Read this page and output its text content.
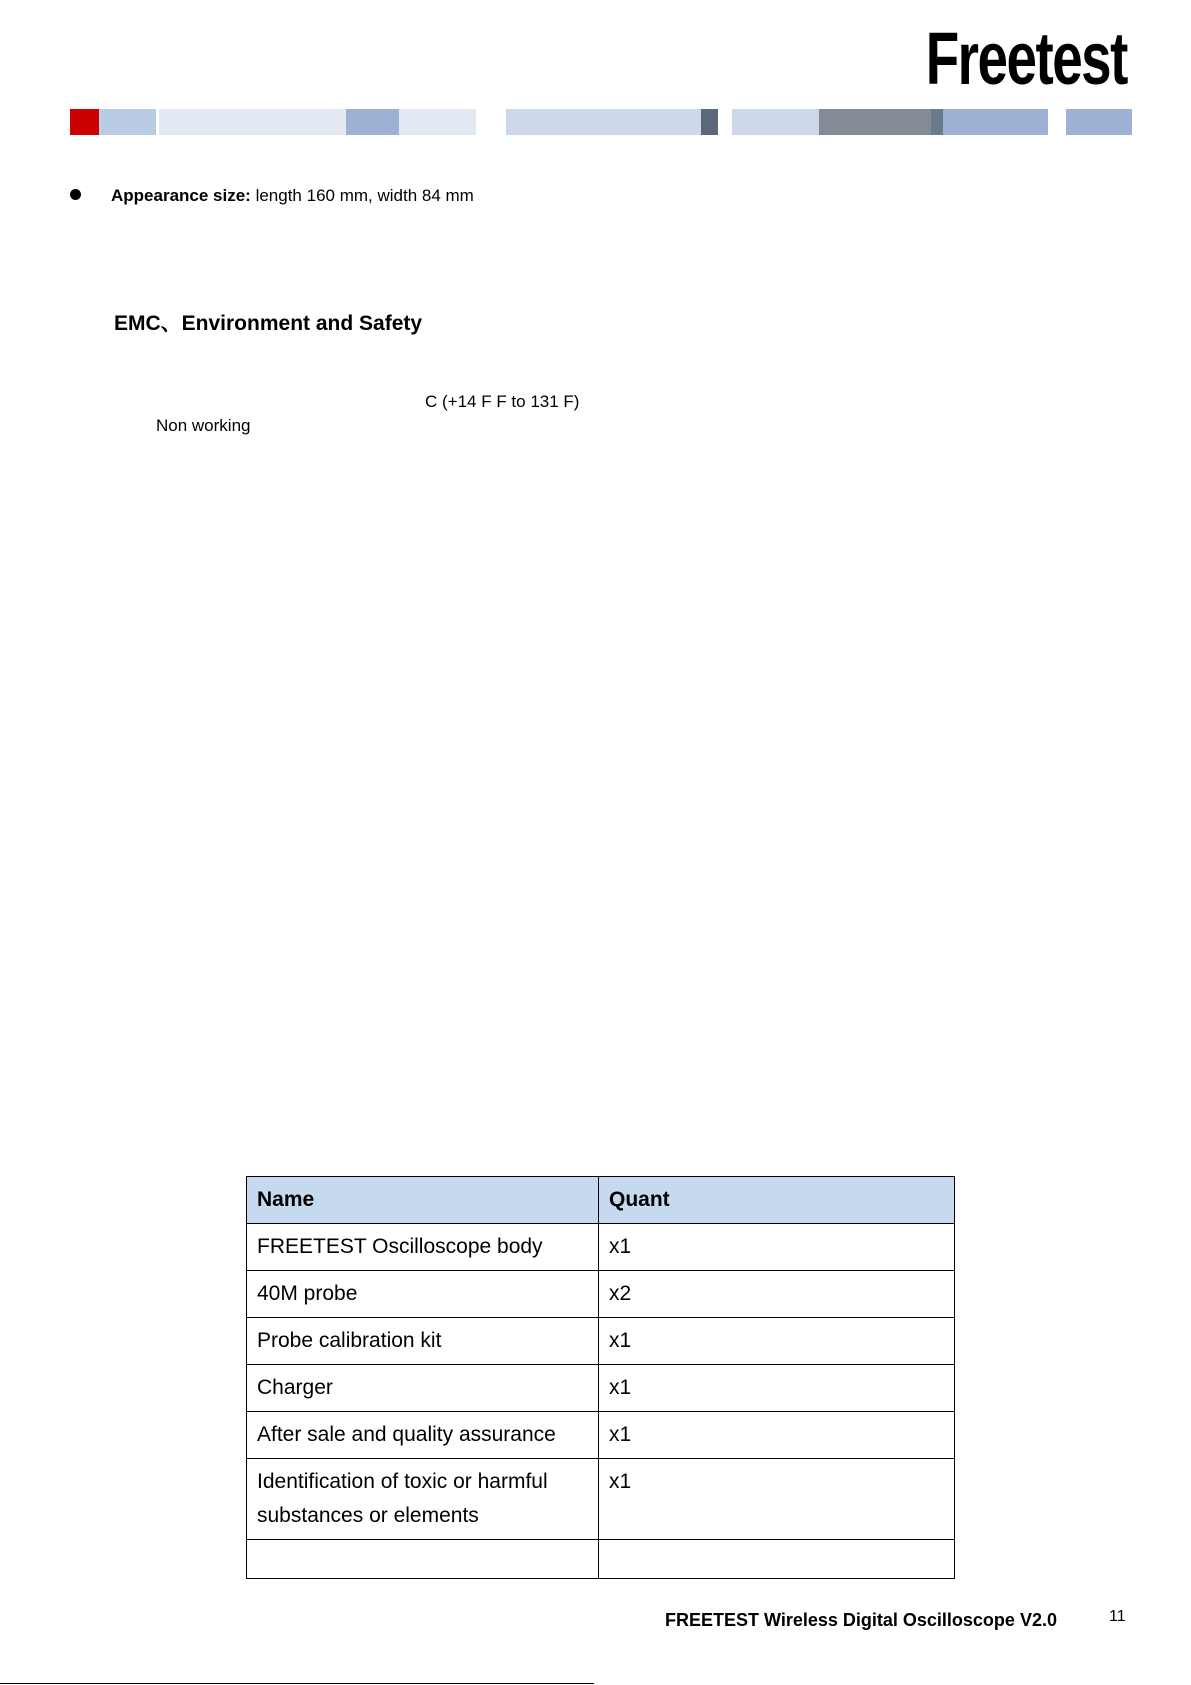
Freetest
Appearance size: length 160 mm, width 84 mm
EMC、Environment and Safety
C (+14 F F to 131 F)
Non working
Name	Quant
FREETEST Oscilloscope body	x1
40M probe	x2
Probe calibration kit	x1
Charger	x1
After sale and quality assurance	x1
Identification of toxic or harmful substances or elements	x1

FREETEST Wireless Digital Oscilloscope V2.0	11
